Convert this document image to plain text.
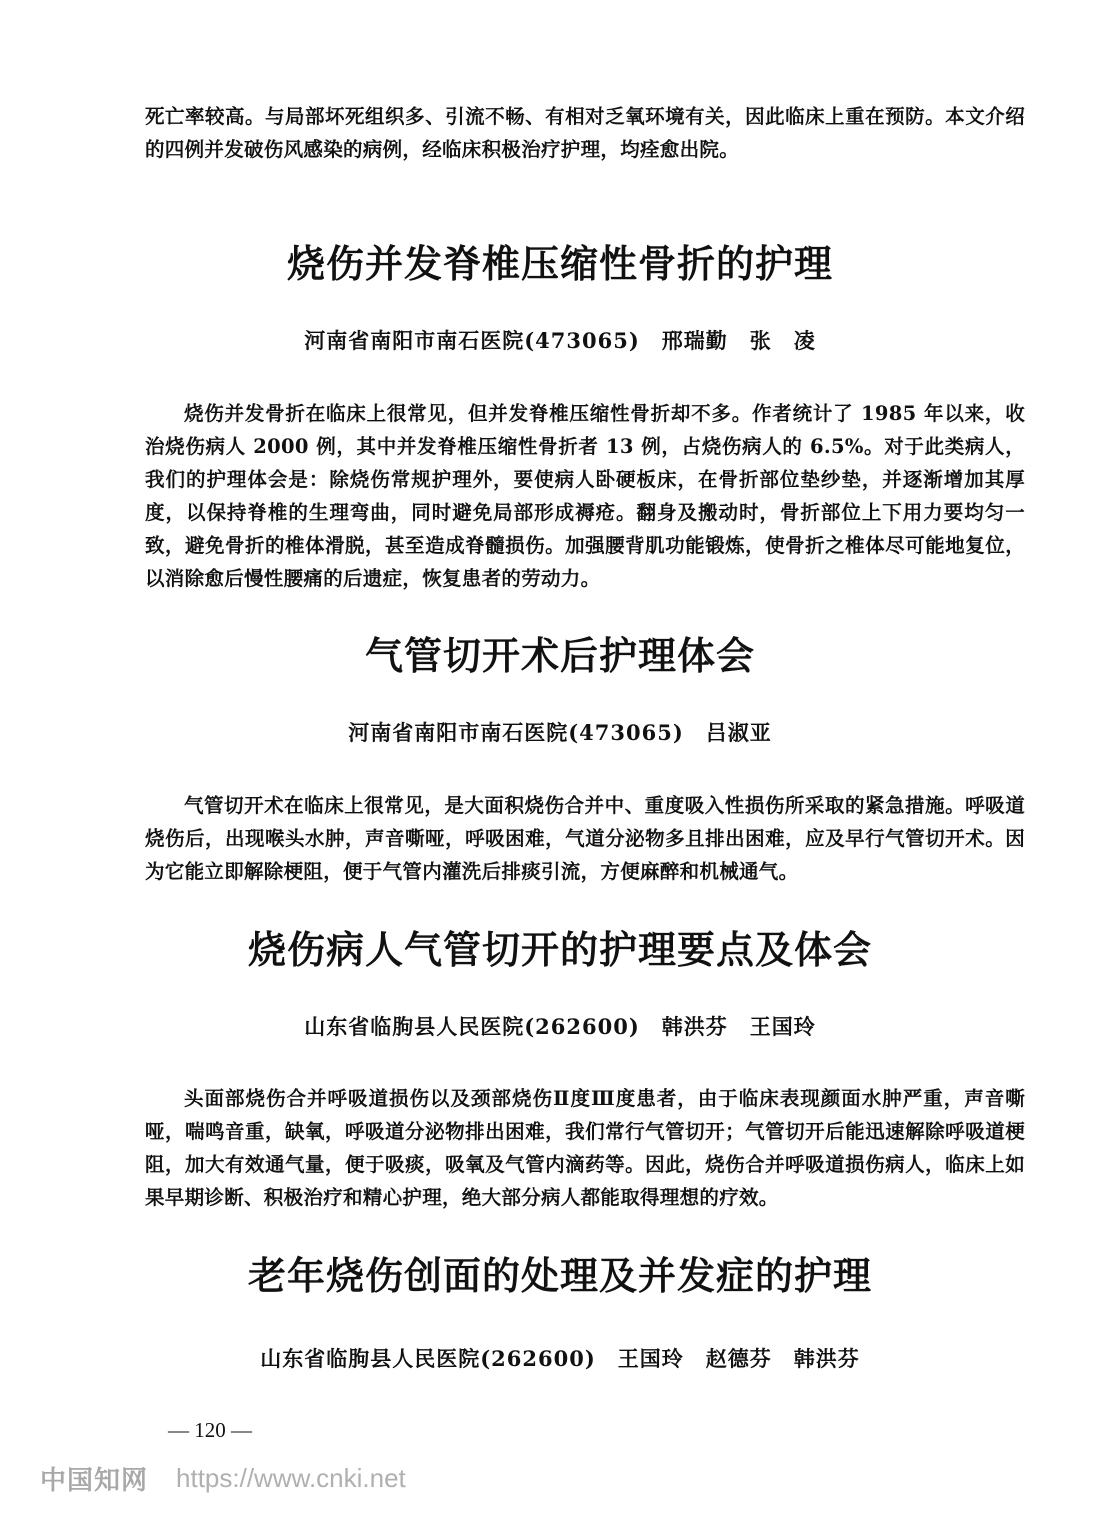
死亡率较高。与局部坏死组织多、引流不畅、有相对乏氧环境有关，因此临床上重在预防。本文介绍的四例并发破伤风感染的病例，经临床积极治疗护理，均痊愈出院。

烧伤并发脊椎压缩性骨折的护理
河南省南阳市南石医院(473065)　邢瑞勤　张　凌

烧伤并发骨折在临床上很常见，但并发脊椎压缩性骨折却不多。作者统计了 1985 年以来，收治烧伤病人 2000 例，其中并发脊椎压缩性骨折者 13 例，占烧伤病人的 6.5%。对于此类病人，我们的护理体会是：除烧伤常规护理外，要使病人卧硬板床，在骨折部位垫纱垫，并逐渐增加其厚度，以保持脊椎的生理弯曲，同时避免局部形成褥疮。翻身及搬动时，骨折部位上下用力要均匀一致，避免骨折的椎体滑脱，甚至造成脊髓损伤。加强腰背肌功能锻炼，使骨折之椎体尽可能地复位，以消除愈后慢性腰痛的后遗症，恢复患者的劳动力。

气管切开术后护理体会
河南省南阳市南石医院(473065)　吕淑亚

气管切开术在临床上很常见，是大面积烧伤合并中、重度吸入性损伤所采取的紧急措施。呼吸道烧伤后，出现喉头水肿，声音嘶哑，呼吸困难，气道分泌物多且排出困难，应及早行气管切开术。因为它能立即解除梗阻，便于气管内灌洗后排痰引流，方便麻醉和机械通气。

烧伤病人气管切开的护理要点及体会
山东省临朐县人民医院(262600)　韩洪芬　王国玲

头面部烧伤合并呼吸道损伤以及颈部烧伤Ⅱ度Ⅲ度患者，由于临床表现颜面水肿严重，声音嘶哑，喘鸣音重，缺氧，呼吸道分泌物排出困难，我们常行气管切开；气管切开后能迅速解除呼吸道梗阻，加大有效通气量，便于吸痰，吸氧及气管内滴药等。因此，烧伤合并呼吸道损伤病人，临床上如果早期诊断、积极治疗和精心护理，绝大部分病人都能取得理想的疗效。

老年烧伤创面的处理及并发症的护理
山东省临朐县人民医院(262600)　王国玲　赵德芬　韩洪芬
— 120 —
中国知网 https://www.cnki.net
